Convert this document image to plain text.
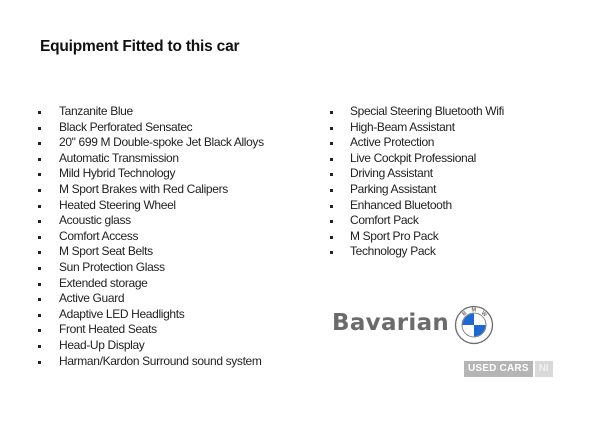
Equipment Fitted to this car
Tanzanite Blue
Black Perforated Sensatec
20" 699 M Double-spoke Jet Black Alloys
Automatic Transmission
Mild Hybrid Technology
M Sport Brakes with Red Calipers
Heated Steering Wheel
Acoustic glass
Comfort Access
M Sport Seat Belts
Sun Protection Glass
Extended storage
Active Guard
Adaptive LED Headlights
Front Heated Seats
Head-Up Display
Harman/Kardon Surround sound system
Special Steering Bluetooth Wifi
High-Beam Assistant
Active Protection
Live Cockpit Professional
Driving Assistant
Parking Assistant
Enhanced Bluetooth
Comfort Pack
M Sport Pro Pack
Technology Pack
Bavarian B
M
W
USED CARS	NI
